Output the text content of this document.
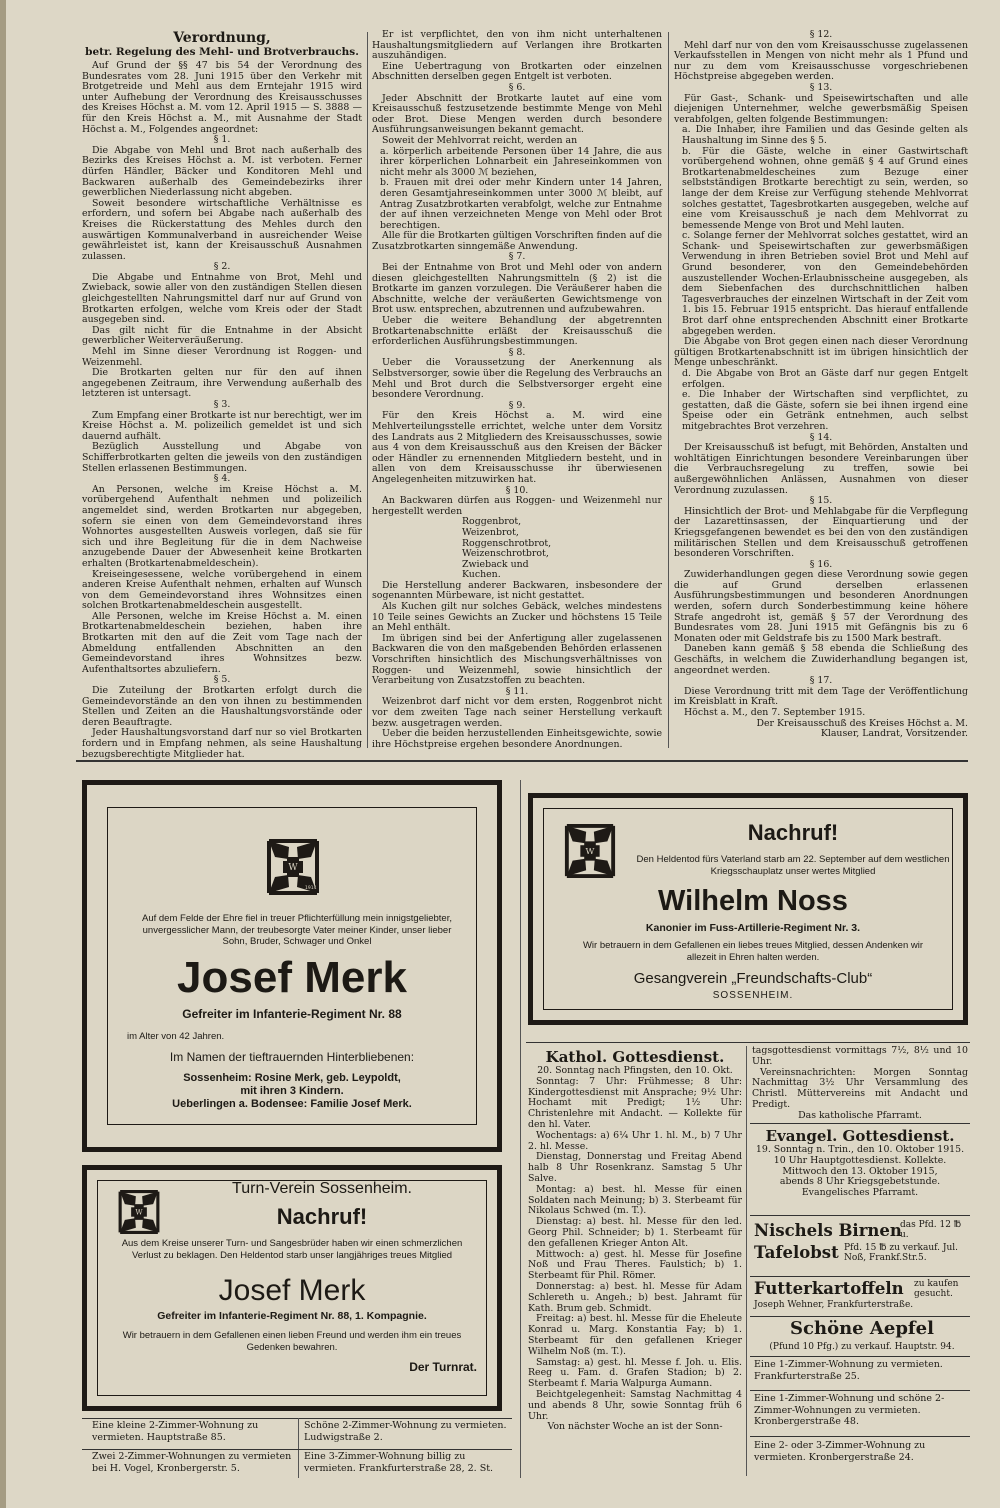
Verordnung,

betr. Regelung des Mehl- und Brotverbrauchs.

Auf Grund der §§ 47 bis 54 der Verordnung des Bundesrates vom 28. Juni 1915 über den Verkehr mit Brotgetreide und Mehl aus dem Erntejahr 1915 wird unter Aufhebung der Verordnung des Kreisausschusses des Kreises Höchst a. M. vom 12. April 1915 — S. 3888 — für den Kreis Höchst a. M., mit Ausnahme der Stadt Höchst a. M., Folgendes angeordnet:

§ 1.

Die Abgabe von Mehl und Brot nach außerhalb des Bezirks des Kreises Höchst a. M. ist verboten. Ferner dürfen Händler, Bäcker und Konditoren Mehl und Backwaren außerhalb des Gemeindebezirks ihrer gewerblichen Niederlassung nicht abgeben.

Soweit besondere wirtschaftliche Verhältnisse es erfordern, und sofern bei Abgabe nach außerhalb des Kreises die Rückerstattung des Mehles durch den auswärtigen Kommunalverband in ausreichender Weise gewährleistet ist, kann der Kreisausschuß Ausnahmen zulassen.

§ 2.

Die Abgabe und Entnahme von Brot, Mehl und Zwieback, sowie aller von den zuständigen Stellen diesen gleichgestellten Nahrungsmittel darf nur auf Grund von Brotkarten erfolgen, welche vom Kreis oder der Stadt ausgegeben sind.

Das gilt nicht für die Entnahme in der Absicht gewerblicher Weiterveräußerung.

Mehl im Sinne dieser Verordnung ist Roggen- und Weizenmehl.

Die Brotkarten gelten nur für den auf ihnen angegebenen Zeitraum, ihre Verwendung außerhalb des letzteren ist untersagt.

§ 3.

Zum Empfang einer Brotkarte ist nur berechtigt, wer im Kreise Höchst a. M. polizeilich gemeldet ist und sich dauernd aufhält.

Bezüglich Ausstellung und Abgabe von Schifferbrotkarten gelten die jeweils von den zuständigen Stellen erlassenen Bestimmungen.

§ 4.

An Personen, welche im Kreise Höchst a. M. vorübergehend Aufenthalt nehmen und polizeilich angemeldet sind, werden Brotkarten nur abgegeben, sofern sie einen von dem Gemeindevorstand ihres Wohnortes ausgestellten Ausweis vorlegen, daß sie für sich und ihre Begleitung für die in dem Nachweise anzugebende Dauer der Abwesenheit keine Brotkarten erhalten (Brotkartenabmeldeschein).

Kreiseingesessene, welche vorübergehend in einem anderen Kreise Aufenthalt nehmen, erhalten auf Wunsch von dem Gemeindevorstand ihres Wohnsitzes einen solchen Brotkartenabmeldeschein ausgestellt.

Alle Personen, welche im Kreise Höchst a. M. einen Brotkartenabmeldeschein beziehen, haben ihre Brotkarten mit den auf die Zeit vom Tage nach der Abmeldung entfallenden Abschnitten an den Gemeindevorstand ihres Wohnsitzes bezw. Aufenthaltsortes abzuliefern.

§ 5.

Die Zuteilung der Brotkarten erfolgt durch die Gemeindevorstände an den von ihnen zu bestimmenden Stellen und Zeiten an die Haushaltungsvorstände oder deren Beauftragte.

Jeder Haushaltungsvorstand darf nur so viel Brotkarten fordern und in Empfang nehmen, als seine Haushaltung bezugsberechtigte Mitglieder hat.

Er ist verpflichtet, den von ihm nicht unterhaltenen Haushaltungsmitgliedern auf Verlangen ihre Brotkarten auszuhändigen.

Eine Uebertragung von Brotkarten oder einzelnen Abschnitten derselben gegen Entgelt ist verboten.

§ 6.

Jeder Abschnitt der Brotkarte lautet auf eine vom Kreisausschuß festzusetzende bestimmte Menge von Mehl oder Brot. Diese Mengen werden durch besondere Ausführungsanweisungen bekannt gemacht.

Soweit der Mehlvorrat reicht, werden an

a. körperlich arbeitende Personen über 14 Jahre, die aus ihrer körperlichen Lohnarbeit ein Jahreseinkommen von nicht mehr als 3000 ℳ beziehen,

b. Frauen mit drei oder mehr Kindern unter 14 Jahren, deren Gesamtjahreseinkommen unter 3000 ℳ bleibt, auf Antrag Zusatzbrotkarten verabfolgt, welche zur Entnahme der auf ihnen verzeichneten Menge von Mehl oder Brot berechtigen.

Alle für die Brotkarten gültigen Vorschriften finden auf die Zusatzbrotkarten sinngemäße Anwendung.

§ 7.

Bei der Entnahme von Brot und Mehl oder von andern diesen gleichgestellten Nahrungsmitteln (§ 2) ist die Brotkarte im ganzen vorzulegen. Die Veräußerer haben die Abschnitte, welche der veräußerten Gewichtsmenge von Brot usw. entsprechen, abzutrennen und aufzubewahren.

Ueber die weitere Behandlung der abgetrennten Brotkartenabschnitte erläßt der Kreisausschuß die erforderlichen Ausführungsbestimmungen.

§ 8.

Ueber die Voraussetzung der Anerkennung als Selbstversorger, sowie über die Regelung des Verbrauchs an Mehl und Brot durch die Selbstversorger ergeht eine besondere Verordnung.

§ 9.

Für den Kreis Höchst a. M. wird eine Mehlverteilungsstelle errichtet, welche unter dem Vorsitz des Landrats aus 2 Mitgliedern des Kreisausschusses, sowie aus 4 von dem Kreisausschuß aus den Kreisen der Bäcker oder Händler zu ernennenden Mitgliedern besteht, und in allen von dem Kreisausschusse ihr überwiesenen Angelegenheiten mitzuwirken hat.

§ 10.

An Backwaren dürfen aus Roggen- und Weizenmehl nur hergestellt werden

Roggenbrot,

Weizenbrot,

Roggenschrotbrot,

Weizenschrotbrot,

Zwieback und

Kuchen.

Die Herstellung anderer Backwaren, insbesondere der sogenannten Mürbeware, ist nicht gestattet.

Als Kuchen gilt nur solches Gebäck, welches mindestens 10 Teile seines Gewichts an Zucker und höchstens 15 Teile an Mehl enthält.

Im übrigen sind bei der Anfertigung aller zugelassenen Backwaren die von den maßgebenden Behörden erlassenen Vorschriften hinsichtlich des Mischungsverhältnisses von Roggen- und Weizenmehl, sowie hinsichtlich der Verarbeitung von Zusatzstoffen zu beachten.

§ 11.

Weizenbrot darf nicht vor dem ersten, Roggenbrot nicht vor dem zweiten Tage nach seiner Herstellung verkauft bezw. ausgetragen werden.

Ueber die beiden herzustellenden Einheitsgewichte, sowie ihre Höchstpreise ergehen besondere Anordnungen.

§ 12.

Mehl darf nur von den vom Kreisausschusse zugelassenen Verkaufsstellen in Mengen von nicht mehr als 1 Pfund und nur zu dem vom Kreisausschusse vorgeschriebenen Höchstpreise abgegeben werden.

§ 13.

Für Gast-, Schank- und Speisewirtschaften und alle diejenigen Unternehmer, welche gewerbsmäßig Speisen verabfolgen, gelten folgende Bestimmungen:

a. Die Inhaber, ihre Familien und das Gesinde gelten als Haushaltung im Sinne des § 5.

b. Für die Gäste, welche in einer Gastwirtschaft vorübergehend wohnen, ohne gemäß § 4 auf Grund eines Brotkartenabmeldescheines zum Bezuge einer selbstständigen Brotkarte berechtigt zu sein, werden, so lange der dem Kreise zur Verfügung stehende Mehlvorrat solches gestattet, Tagesbrotkarten ausgegeben, welche auf eine vom Kreisausschuß je nach dem Mehlvorrat zu bemessende Menge von Brot und Mehl lauten.

c. Solange ferner der Mehlvorrat solches gestattet, wird an Schank- und Speisewirtschaften zur gewerbsmäßigen Verwendung in ihren Betrieben soviel Brot und Mehl auf Grund besonderer, von den Gemeindebehörden auszustellender Wochen-Erlaubnisscheine ausgegeben, als dem Siebenfachen des durchschnittlichen halben Tagesverbrauches der einzelnen Wirtschaft in der Zeit vom 1. bis 15. Februar 1915 entspricht. Das hierauf entfallende Brot darf ohne entsprechenden Abschnitt einer Brotkarte abgegeben werden.

Die Abgabe von Brot gegen einen nach dieser Verordnung gültigen Brotkartenabschnitt ist im übrigen hinsichtlich der Menge unbeschränkt.

d. Die Abgabe von Brot an Gäste darf nur gegen Entgelt erfolgen.

e. Die Inhaber der Wirtschaften sind verpflichtet, zu gestatten, daß die Gäste, sofern sie bei ihnen irgend eine Speise oder ein Getränk entnehmen, auch selbst mitgebrachtes Brot verzehren.

§ 14.

Der Kreisausschuß ist befugt, mit Behörden, Anstalten und wohltätigen Einrichtungen besondere Vereinbarungen über die Verbrauchsregelung zu treffen, sowie bei außergewöhnlichen Anlässen, Ausnahmen von dieser Verordnung zuzulassen.

§ 15.

Hinsichtlich der Brot- und Mehlabgabe für die Verpflegung der Lazarettinsassen, der Einquartierung und der Kriegsgefangenen bewendet es bei den von den zuständigen militärischen Stellen und dem Kreisausschuß getroffenen besonderen Vorschriften.

§ 16.

Zuwiderhandlungen gegen diese Verordnung sowie gegen die auf Grund derselben erlassenen Ausführungsbestimmungen und besonderen Anordnungen werden, sofern durch Sonderbestimmung keine höhere Strafe angedroht ist, gemäß § 57 der Verordnung des Bundesrates vom 28. Juni 1915 mit Gefängnis bis zu 6 Monaten oder mit Geldstrafe bis zu 1500 Mark bestraft.

Daneben kann gemäß § 58 ebenda die Schließung des Geschäfts, in welchem die Zuwiderhandlung begangen ist, angeordnet werden.

§ 17.

Diese Verordnung tritt mit dem Tage der Veröffentlichung im Kreisblatt in Kraft.

Höchst a. M., den 7. September 1915.

Der Kreisausschuß des Kreises Höchst a. M.

Klauser, Landrat, Vorsitzender.

W
1914
Auf dem Felde der Ehre fiel in treuer Pflichterfüllung mein innigstgeliebter, unvergesslicher Mann, der treubesorgte Vater meiner Kinder, unser lieber Sohn, Bruder, Schwager und Onkel
Josef Merk
Gefreiter im Infanterie-Regiment Nr. 88
im Alter von 42 Jahren.
Im Namen der tieftrauernden Hinterbliebenen:
Sossenheim: Rosine Merk, geb. Leypoldt,
mit ihren 3 Kindern.
Ueberlingen a. Bodensee: Familie Josef Merk.
W
Turn-Verein Sossenheim.
Nachruf!
Aus dem Kreise unserer Turn- und Sangesbrüder haben wir einen schmerzlichen Verlust zu beklagen. Den Heldentod starb unser langjähriges treues Mitglied
Josef Merk
Gefreiter im Infanterie-Regiment Nr. 88, 1. Kompagnie.
Wir betrauern in dem Gefallenen einen lieben Freund und werden ihm ein treues Gedenken bewahren.
Der Turnrat.
W
Nachruf!
Den Heldentod fürs Vaterland starb am 22. September auf dem westlichen Kriegsschauplatz unser wertes Mitglied
Wilhelm Noss
Kanonier im Fuss-Artillerie-Regiment Nr. 3.
Wir betrauern in dem Gefallenen ein liebes treues Mitglied, dessen Andenken wir allezeit in Ehren halten werden.
Gesangverein „Freundschafts-Club“
SOSSENHEIM.

Kathol. Gottesdienst.

20. Sonntag nach Pfingsten, den 10. Okt.

Sonntag: 7 Uhr: Frühmesse; 8 Uhr: Kindergottesdienst mit Ansprache; 9½ Uhr: Hochamt mit Predigt; 1½ Uhr: Christenlehre mit Andacht. — Kollekte für den hl. Vater.

Wochentags: a) 6¼ Uhr 1. hl. M., b) 7 Uhr 2. hl. Messe.

Dienstag, Donnerstag und Freitag Abend halb 8 Uhr Rosenkranz. Samstag 5 Uhr Salve.

Montag: a) best. hl. Messe für einen Soldaten nach Meinung; b) 3. Sterbeamt für Nikolaus Schwed (m. T.).

Dienstag: a) best. hl. Messe für den led. Georg Phil. Schneider; b) 1. Sterbeamt für den gefallenen Krieger Anton Alt.

Mittwoch: a) gest. hl. Messe für Josefine Noß und Frau Theres. Faulstich; b) 1. Sterbeamt für Phil. Römer.

Donnerstag: a) best. hl. Messe für Adam Schlereth u. Angeh.; b) best. Jahramt für Kath. Brum geb. Schmidt.

Freitag: a) best. hl. Messe für die Eheleute Konrad u. Marg. Konstantia Fay; b) 1. Sterbeamt für den gefallenen Krieger Wilhelm Noß (m. T.).

Samstag: a) gest. hl. Messe f. Joh. u. Elis. Reeg u. Fam. d. Grafen Stadion; b) 2. Sterbeamt f. Maria Walpurga Aumann.

Beichtgelegenheit: Samstag Nachmittag 4 und abends 8 Uhr, sowie Sonntag früh 6 Uhr.

Von nächster Woche an ist der Sonn-

tagsgottesdienst vormittags 7½, 8½ und 10 Uhr.

Vereinsnachrichten: Morgen Sonntag Nachmittag 3½ Uhr Versammlung des Christl. Müttervereins mit Andacht und Predigt.

Das katholische Pfarramt.

Evangel. Gottesdienst.

19. Sonntag n. Trin., den 10. Oktober 1915.

10 Uhr Hauptgottesdienst. Kollekte.

Mittwoch den 13. Oktober 1915,

abends 8 Uhr Kriegsgebetstunde.

Evangelisches Pfarramt.

Nischels Birnen
das Pfd. 12 ℔ u.
Tafelobst Pfd. 15 ℔ zu verkauf. Jul. Noß, Frankf.Str.5.
Futterkartoffeln zu kaufen gesucht.
Joseph Wehner, Frankfurterstraße.
Schöne Aepfel
(Pfund 10 Pfg.) zu verkauf. Hauptstr. 94.

Eine 1-Zimmer-Wohnung zu vermieten. Frankfurterstraße 25.

Eine 1-Zimmer-Wohnung und schöne 2-Zimmer-Wohnungen zu vermieten. Kronbergerstraße 48.

Eine 2- oder 3-Zimmer-Wohnung zu vermieten. Kronbergerstraße 24.

Eine kleine 2-Zimmer-Wohnung zu vermieten. Hauptstraße 85.

Schöne 2-Zimmer-Wohnung zu vermieten. Ludwigstraße 2.

Zwei 2-Zimmer-Wohnungen zu vermieten bei H. Vogel, Kronbergerstr. 5.

Eine 3-Zimmer-Wohnung billig zu vermieten. Frankfurterstraße 28, 2. St.
